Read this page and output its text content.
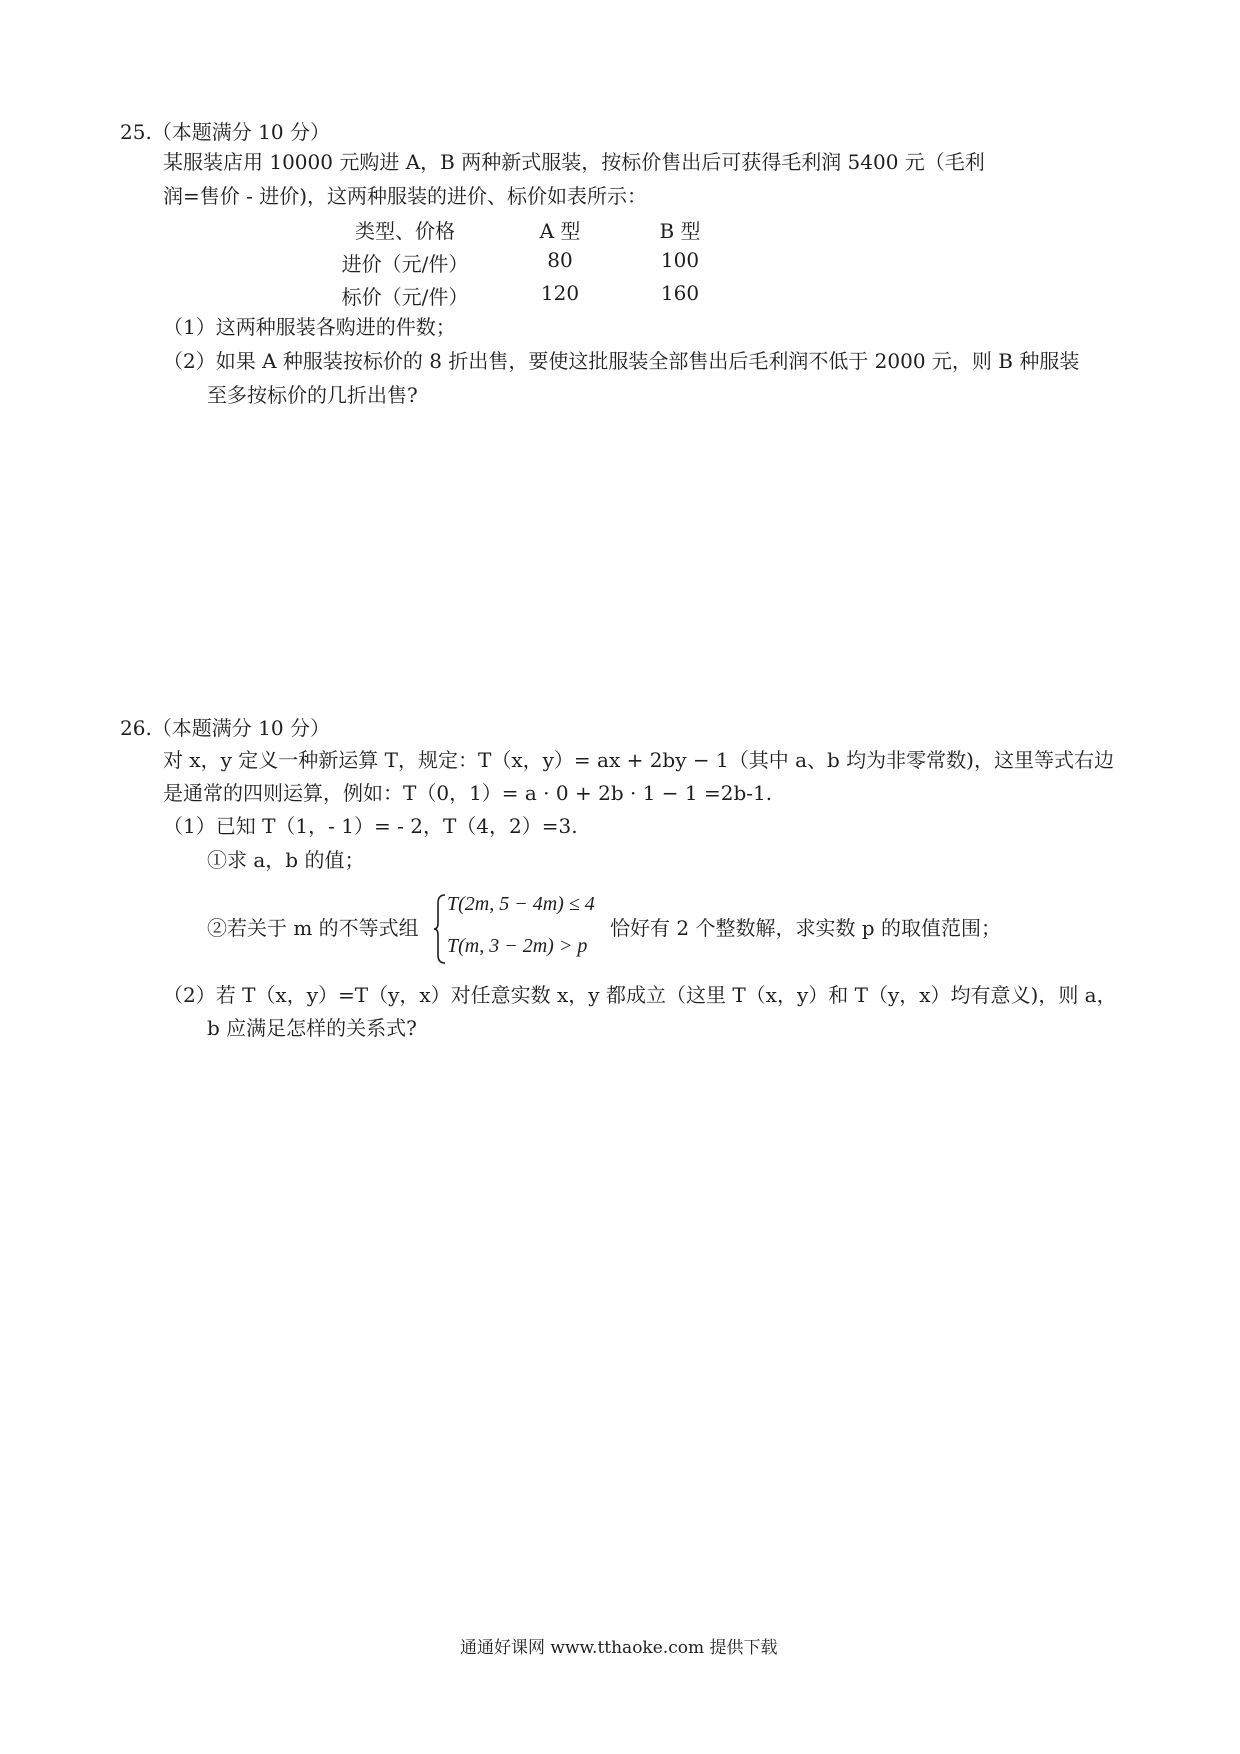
25.（本题满分 10 分）
某服装店用 10000 元购进 A，B 两种新式服装，按标价售出后可获得毛利润 5400 元（毛利
润=售价 - 进价)，这两种服装的进价、标价如表所示：
类型、价格	A 型	B 型
进价（元/件）	80	100
标价（元/件）	120	160
（1）这两种服装各购进的件数；
（2）如果 A 种服装按标价的 8 折出售，要使这批服装全部售出后毛利润不低于 2000 元，则 B 种服装
至多按标价的几折出售?
26.（本题满分 10 分）
对 x，y 定义一种新运算 T，规定：T（x，y）= ax + 2by − 1（其中 a、b 均为非零常数)，这里等式右边
是通常的四则运算，例如：T（0，1）= a · 0 + 2b · 1 − 1 =2b-1.
（1）已知 T（1，- 1）= - 2，T（4，2）=3.
①求 a，b 的值；
②若关于 m 的不等式组
T(2m, 5 − 4m) ≤ 4
T(m, 3 − 2m) > p
恰好有 2 个整数解，求实数 p 的取值范围；
（2）若 T（x，y）=T（y，x）对任意实数 x，y 都成立（这里 T（x，y）和 T（y，x）均有意义)，则 a，
b 应满足怎样的关系式?
通通好课网 www.tthaoke.com 提供下载
